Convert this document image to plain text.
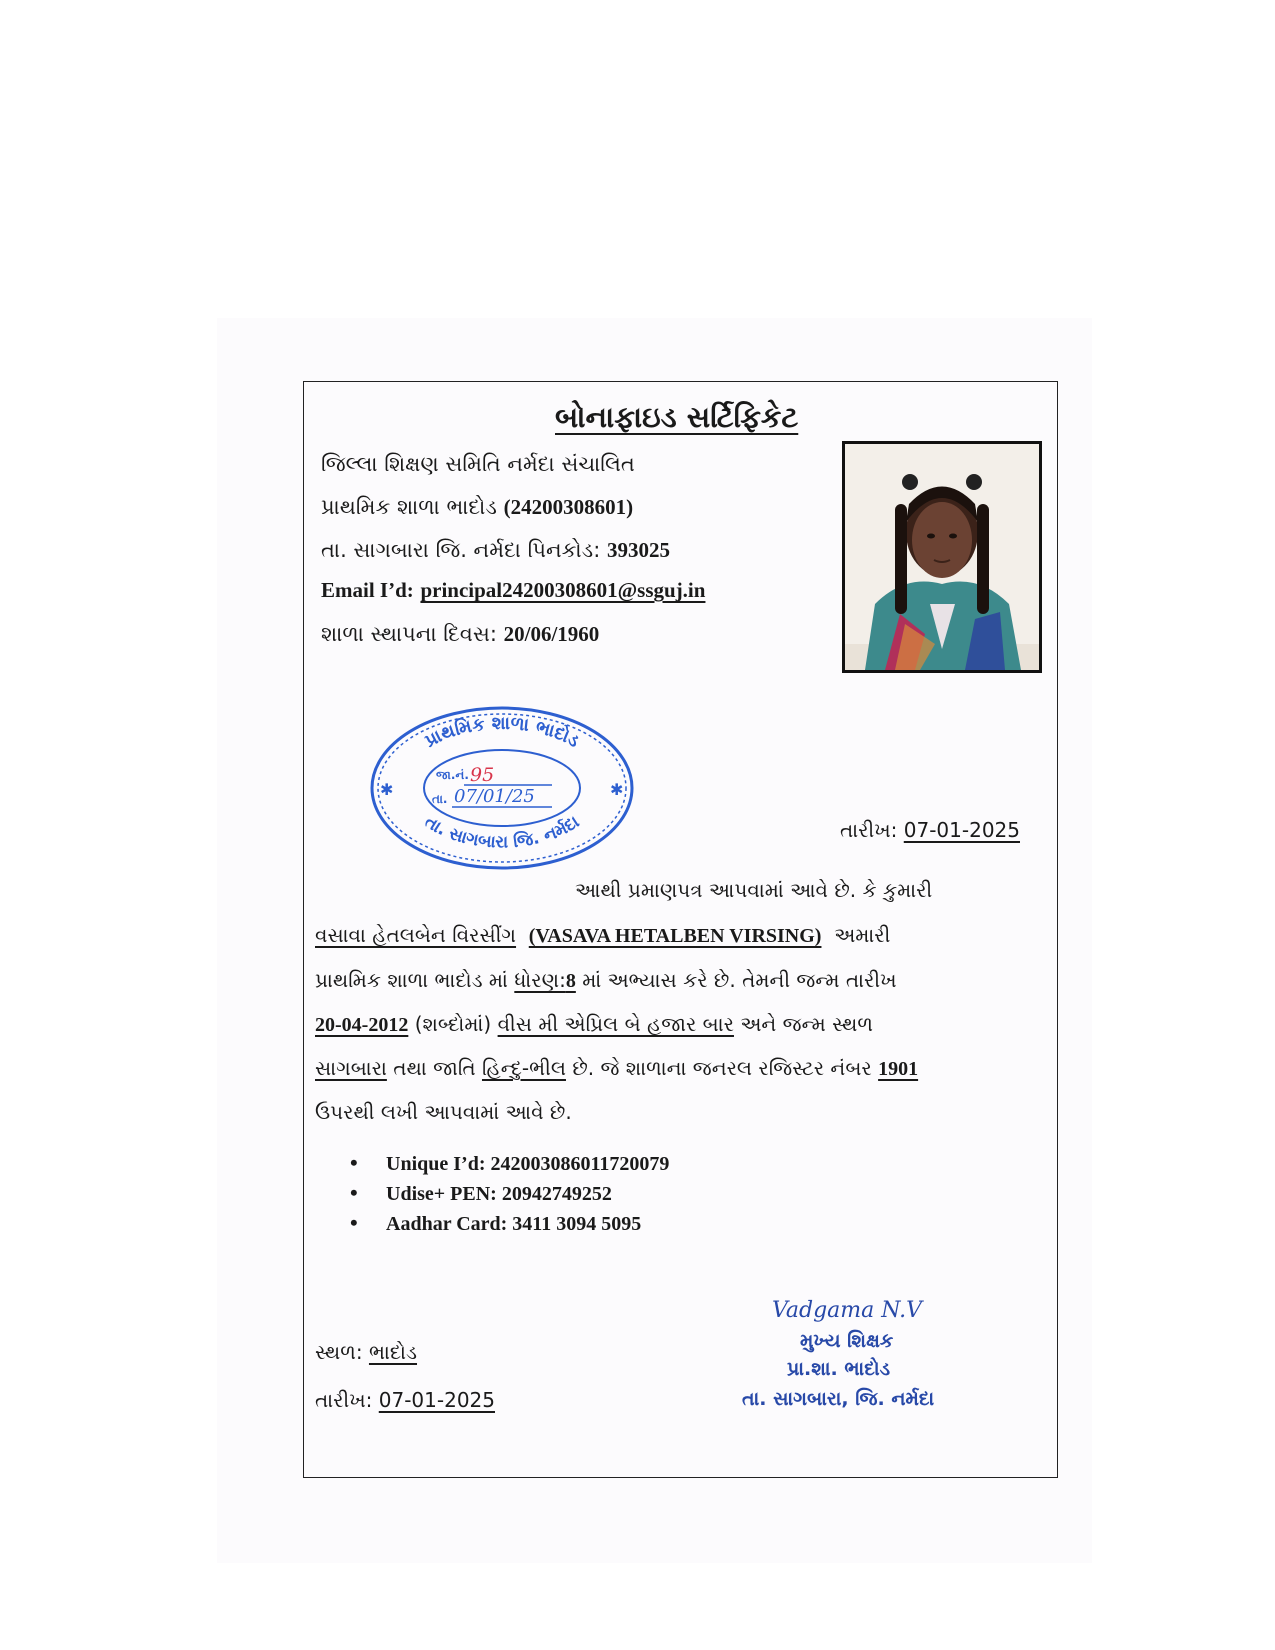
બોનાફાઇડ સર્ટિફિકેટ
જિલ્લા શિક્ષણ સમિતિ નર્મદા સંચાલિત
પ્રાથમિક શાળા ભાદોડ (24200308601)
તા. સાગબારા જિ. નર્મદા પિનકોડ: 393025
Email I’d: principal24200308601@ssguj.in
શાળા સ્થાપના દિવસ: 20/06/1960
પ્રાથમિક શાળા ભાદોડ
તા. સાગબારા જિ. નર્મદા
✱	✱
જા.નં. 95
તા. 07/01/25
તારીખ: 07-01-2025
આથી પ્રમાણપત્ર આપવામાં આવે છે. કે કુમારી
વસાવા હેતલબેન વિરસીંગ (VASAVA HETALBEN VIRSING) અમારી
પ્રાથમિક શાળા ભાદોડ માં ધોરણ:8 માં અભ્યાસ કરે છે. તેમની જન્મ તારીખ
20-04-2012 (શબ્દોમાં) વીસ મી એપ્રિલ બે હજાર બાર અને જન્મ સ્થળ
સાગબારા તથા જાતિ હિન્દુ-ભીલ છે. જે શાળાના જનરલ રજિસ્ટર નંબર 1901
ઉપરથી લખી આપવામાં આવે છે.
• Unique I’d: 242003086011720079
• Udise+ PEN: 20942749252
• Aadhar Card: 3411 3094 5095
સ્થળ: ભાદોડ
તારીખ: 07-01-2025
Vadgama N.V
મુખ્ય શિક્ષક
પ્રા.શા. ભાદોડ
તા. સાગબારા, જિ. નર્મદા
